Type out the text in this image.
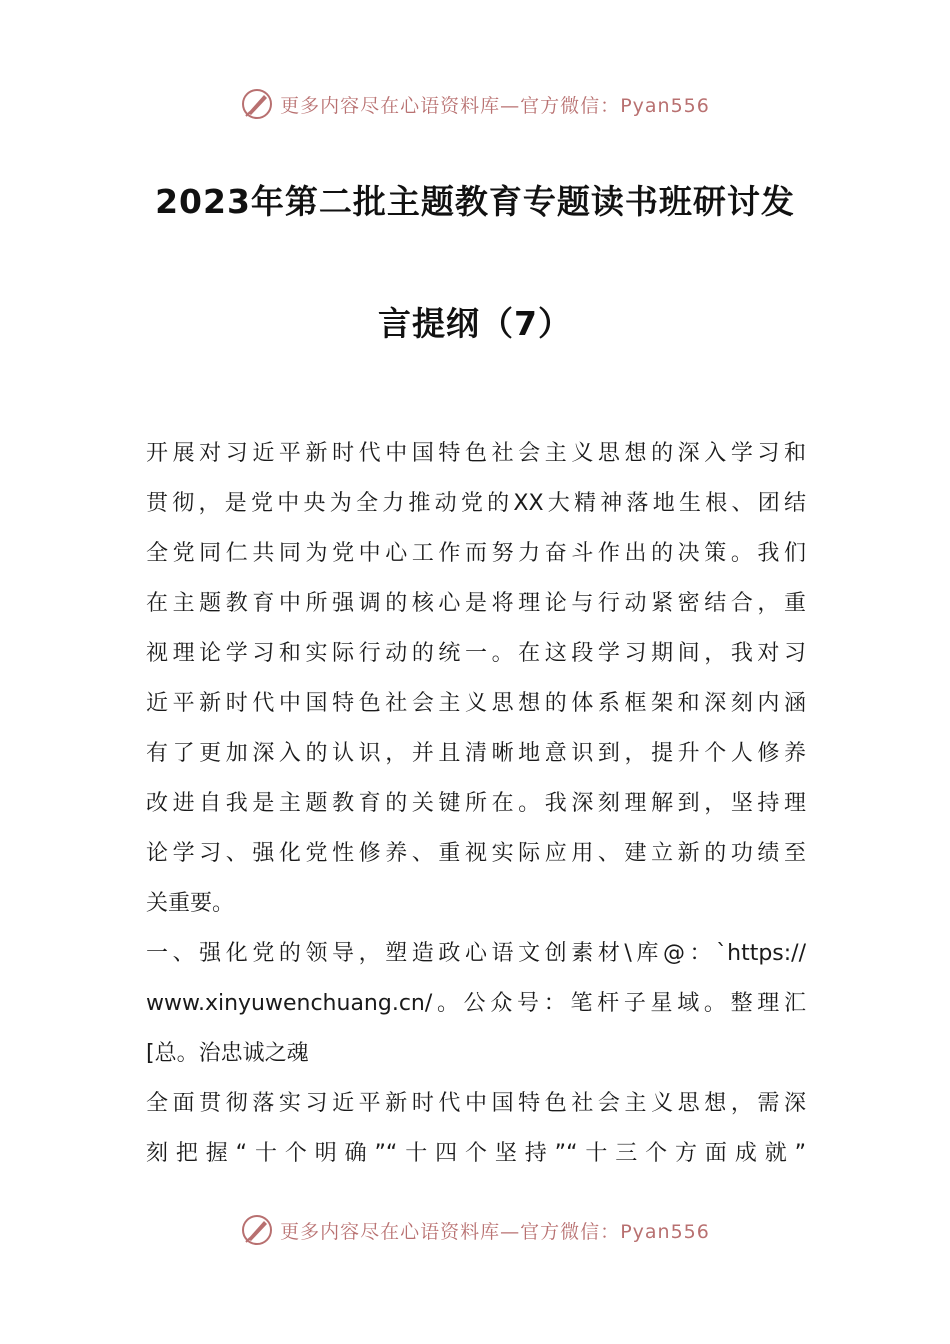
更多内容尽在心语资料库—官方微信：Pyan556
2023年第二批主题教育专题读书班研讨发
言提纲（7）
开展对习近平新时代中国特色社会主义思想的深入学习和
贯彻，是党中央为全力推动党的XX大精神落地生根、团结
全党同仁共同为党中心工作而努力奋斗作出的决策。我们
在主题教育中所强调的核心是将理论与行动紧密结合，重
视理论学习和实际行动的统一。在这段学习期间，我对习
近平新时代中国特色社会主义思想的体系框架和深刻内涵
有了更加深入的认识，并且清晰地意识到，提升个人修养
改进自我是主题教育的关键所在。我深刻理解到，坚持理
论学习、强化党性修养、重视实际应用、建立新的功绩至
关重要。
一、强化党的领导，塑造政心语文创素材\库@：`https://
www.xinyuwenchuang.cn/。公众号：笔杆子星域。整理汇
[总。治忠诚之魂
全面贯彻落实习近平新时代中国特色社会主义思想，需深
刻把握“十个明确”“十四个坚持”“十三个方面成就”
更多内容尽在心语资料库—官方微信：Pyan556
